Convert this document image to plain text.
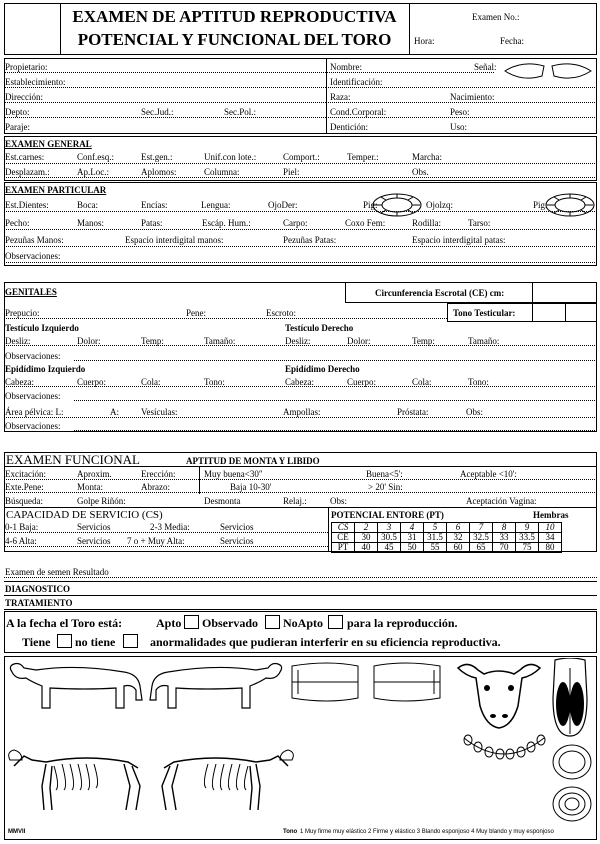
EXAMEN DE APTITUD REPRODUCTIVA
POTENCIAL Y FUNCIONAL DEL TORO
Examen No.:
Hora:	Fecha:
Propietario:
Establecimiento:
Dirección:
Depto:	Sec.Jud.:	Sec.Pol.:
Paraje:
Nombre:	Señal:
Identificación:
Raza:	Nacimiento:
Cond.Corporal:	Peso:
Dentición:	Uso:
EXAMEN GENERAL
Est.carnes:	Conf.esq.:	Est.gen.:	Unif.con lote.:	Comport.:	Temper.:	Marcha:
Desplazam.:	Ap.Loc.:	Aplomos:	Columna:	Piel:	Obs.
EXAMEN PARTICULAR
Est.Dientes:	Boca:	Encías:	Lengua:	OjoDer:	Pig:	Ojolzq:	Pig:
Pecho:	Manos:	Patas:	Escáp. Hum.:	Carpo:	Coxo Fem:	Rodilla:	Tarso:
Pezuñas Manos:	Espacio interdigital manos:	Pezuñas Patas:	Espacio interdigital patas:
Observaciones:
GENITALES	Circunferencia Escrotal (CE) cm:
Tono Testicular:
Prepucio:	Pene:	Escroto:
Testículo Izquierdo	Testículo Derecho
Desliz:	Dolor:	Temp:	Tamaño:	Desliz:	Dolor:	Temp:	Tamaño:
Observaciones:
Epidídimo Izquierdo	Epidídimo Derecho
Cabeza:	Cuerpo:	Cola:	Tono:	Cabeza:	Cuerpo:	Cola:	Tono:
Observaciones:
Área pélvica: L:	A: Vesículas:	Ampollas:	Próstata:	Obs:
Observaciones:
EXAMEN FUNCIONAL	APTITUD DE MONTA Y LIBIDO
Excitación:	Aproxim.	Erección:	Muy buena<30"	Buena<5':	Aceptable <10':
Exte.Pene:	Monta:	Abrazo:	Baja 10-30'	> 20' Sin:
Búsqueda:	Golpe Riñón:	Desmonta	Relaj.:	Obs:	Aceptación Vagina:
CAPACIDAD DE SERVICIO (CS)
0-1 Baja:	Servicios	2-3 Media:	Servicios
4-6 Alta:	Servicios 7 o + Muy Alta:	Servicios
POTENCIAL ENTORE (PT)	Hembras
CS	2	3	4	5	6	7	8	9	10
CE	30	30.5	31	31.5	32	32.5	33	33.5	34
PT	40	45	50	55	60	65	70	75	80
Examen de semen Resultado
DIAGNOSTICO
TRATAMIENTO
A la fecha el Toro está:	Apto Observado NoApto para la reproducción.
Tiene no tiene	anormalidades que pudieran interferir en su eficiencia reproductiva.
MMVII	Tono 1 Muy firme muy elástico 2 Firme y elástico 3 Blando esponjoso 4 Muy blando y muy esponjoso
